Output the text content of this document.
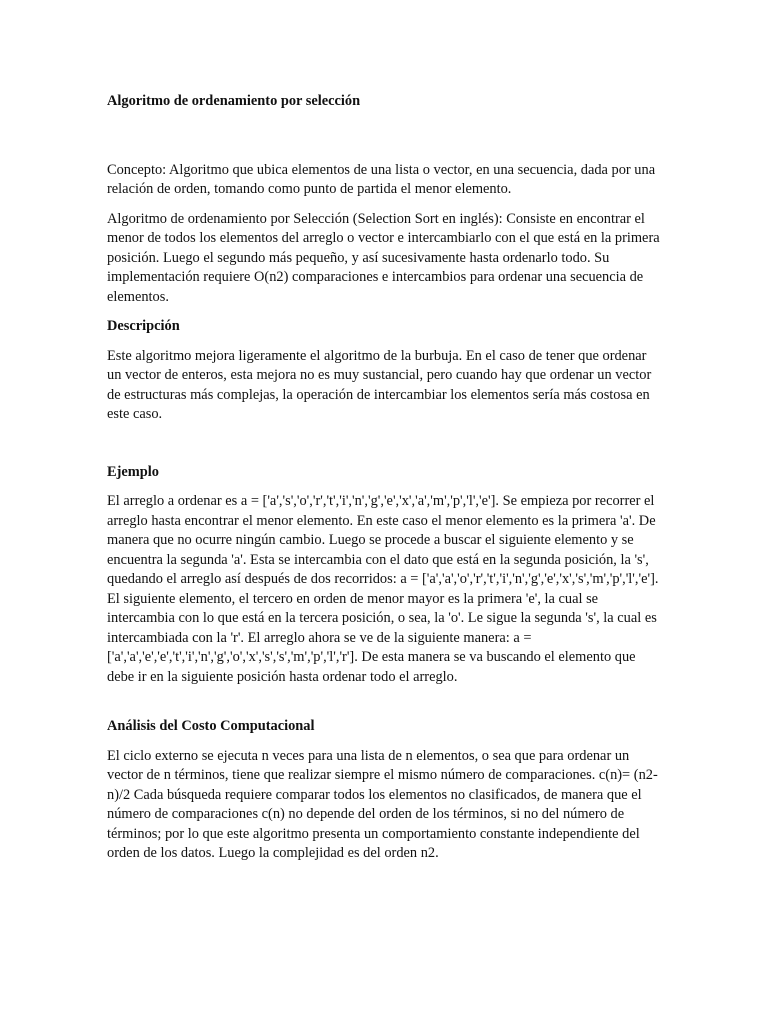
Algoritmo de ordenamiento por selección

Concepto: Algoritmo que ubica elementos de una lista o vector, en una secuencia, dada por una relación de orden, tomando como punto de partida el menor elemento.

Algoritmo de ordenamiento por Selección (Selection Sort en inglés): Consiste en encontrar el menor de todos los elementos del arreglo o vector e intercambiarlo con el que está en la primera posición. Luego el segundo más pequeño, y así sucesivamente hasta ordenarlo todo. Su implementación requiere O(n2) comparaciones e intercambios para ordenar una secuencia de elementos.

Descripción

Este algoritmo mejora ligeramente el algoritmo de la burbuja. En el caso de tener que ordenar un vector de enteros, esta mejora no es muy sustancial, pero cuando hay que ordenar un vector de estructuras más complejas, la operación de intercambiar los elementos sería más costosa en este caso.

Ejemplo

El arreglo a ordenar es a = ['a','s','o','r','t','i','n','g','e','x','a','m','p','l','e']. Se empieza por recorrer el arreglo hasta encontrar el menor elemento. En este caso el menor elemento es la primera 'a'. De manera que no ocurre ningún cambio. Luego se procede a buscar el siguiente elemento y se encuentra la segunda 'a'. Esta se intercambia con el dato que está en la segunda posición, la 's', quedando el arreglo así después de dos recorridos: a = ['a','a','o','r','t','i','n','g','e','x','s','m','p','l','e']. El siguiente elemento, el tercero en orden de menor mayor es la primera 'e', la cual se intercambia con lo que está en la tercera posición, o sea, la 'o'. Le sigue la segunda 's', la cual es intercambiada con la 'r'. El arreglo ahora se ve de la siguiente manera: a = ['a','a','e','e','t','i','n','g','o','x','s','s','m','p','l','r']. De esta manera se va buscando el elemento que debe ir en la siguiente posición hasta ordenar todo el arreglo.

Análisis del Costo Computacional

El ciclo externo se ejecuta n veces para una lista de n elementos, o sea que para ordenar un vector de n términos, tiene que realizar siempre el mismo número de comparaciones. c(n)= (n2-n)/2 Cada búsqueda requiere comparar todos los elementos no clasificados, de manera que el número de comparaciones c(n) no depende del orden de los términos, si no del número de términos; por lo que este algoritmo presenta un comportamiento constante independiente del orden de los datos. Luego la complejidad es del orden n2.
